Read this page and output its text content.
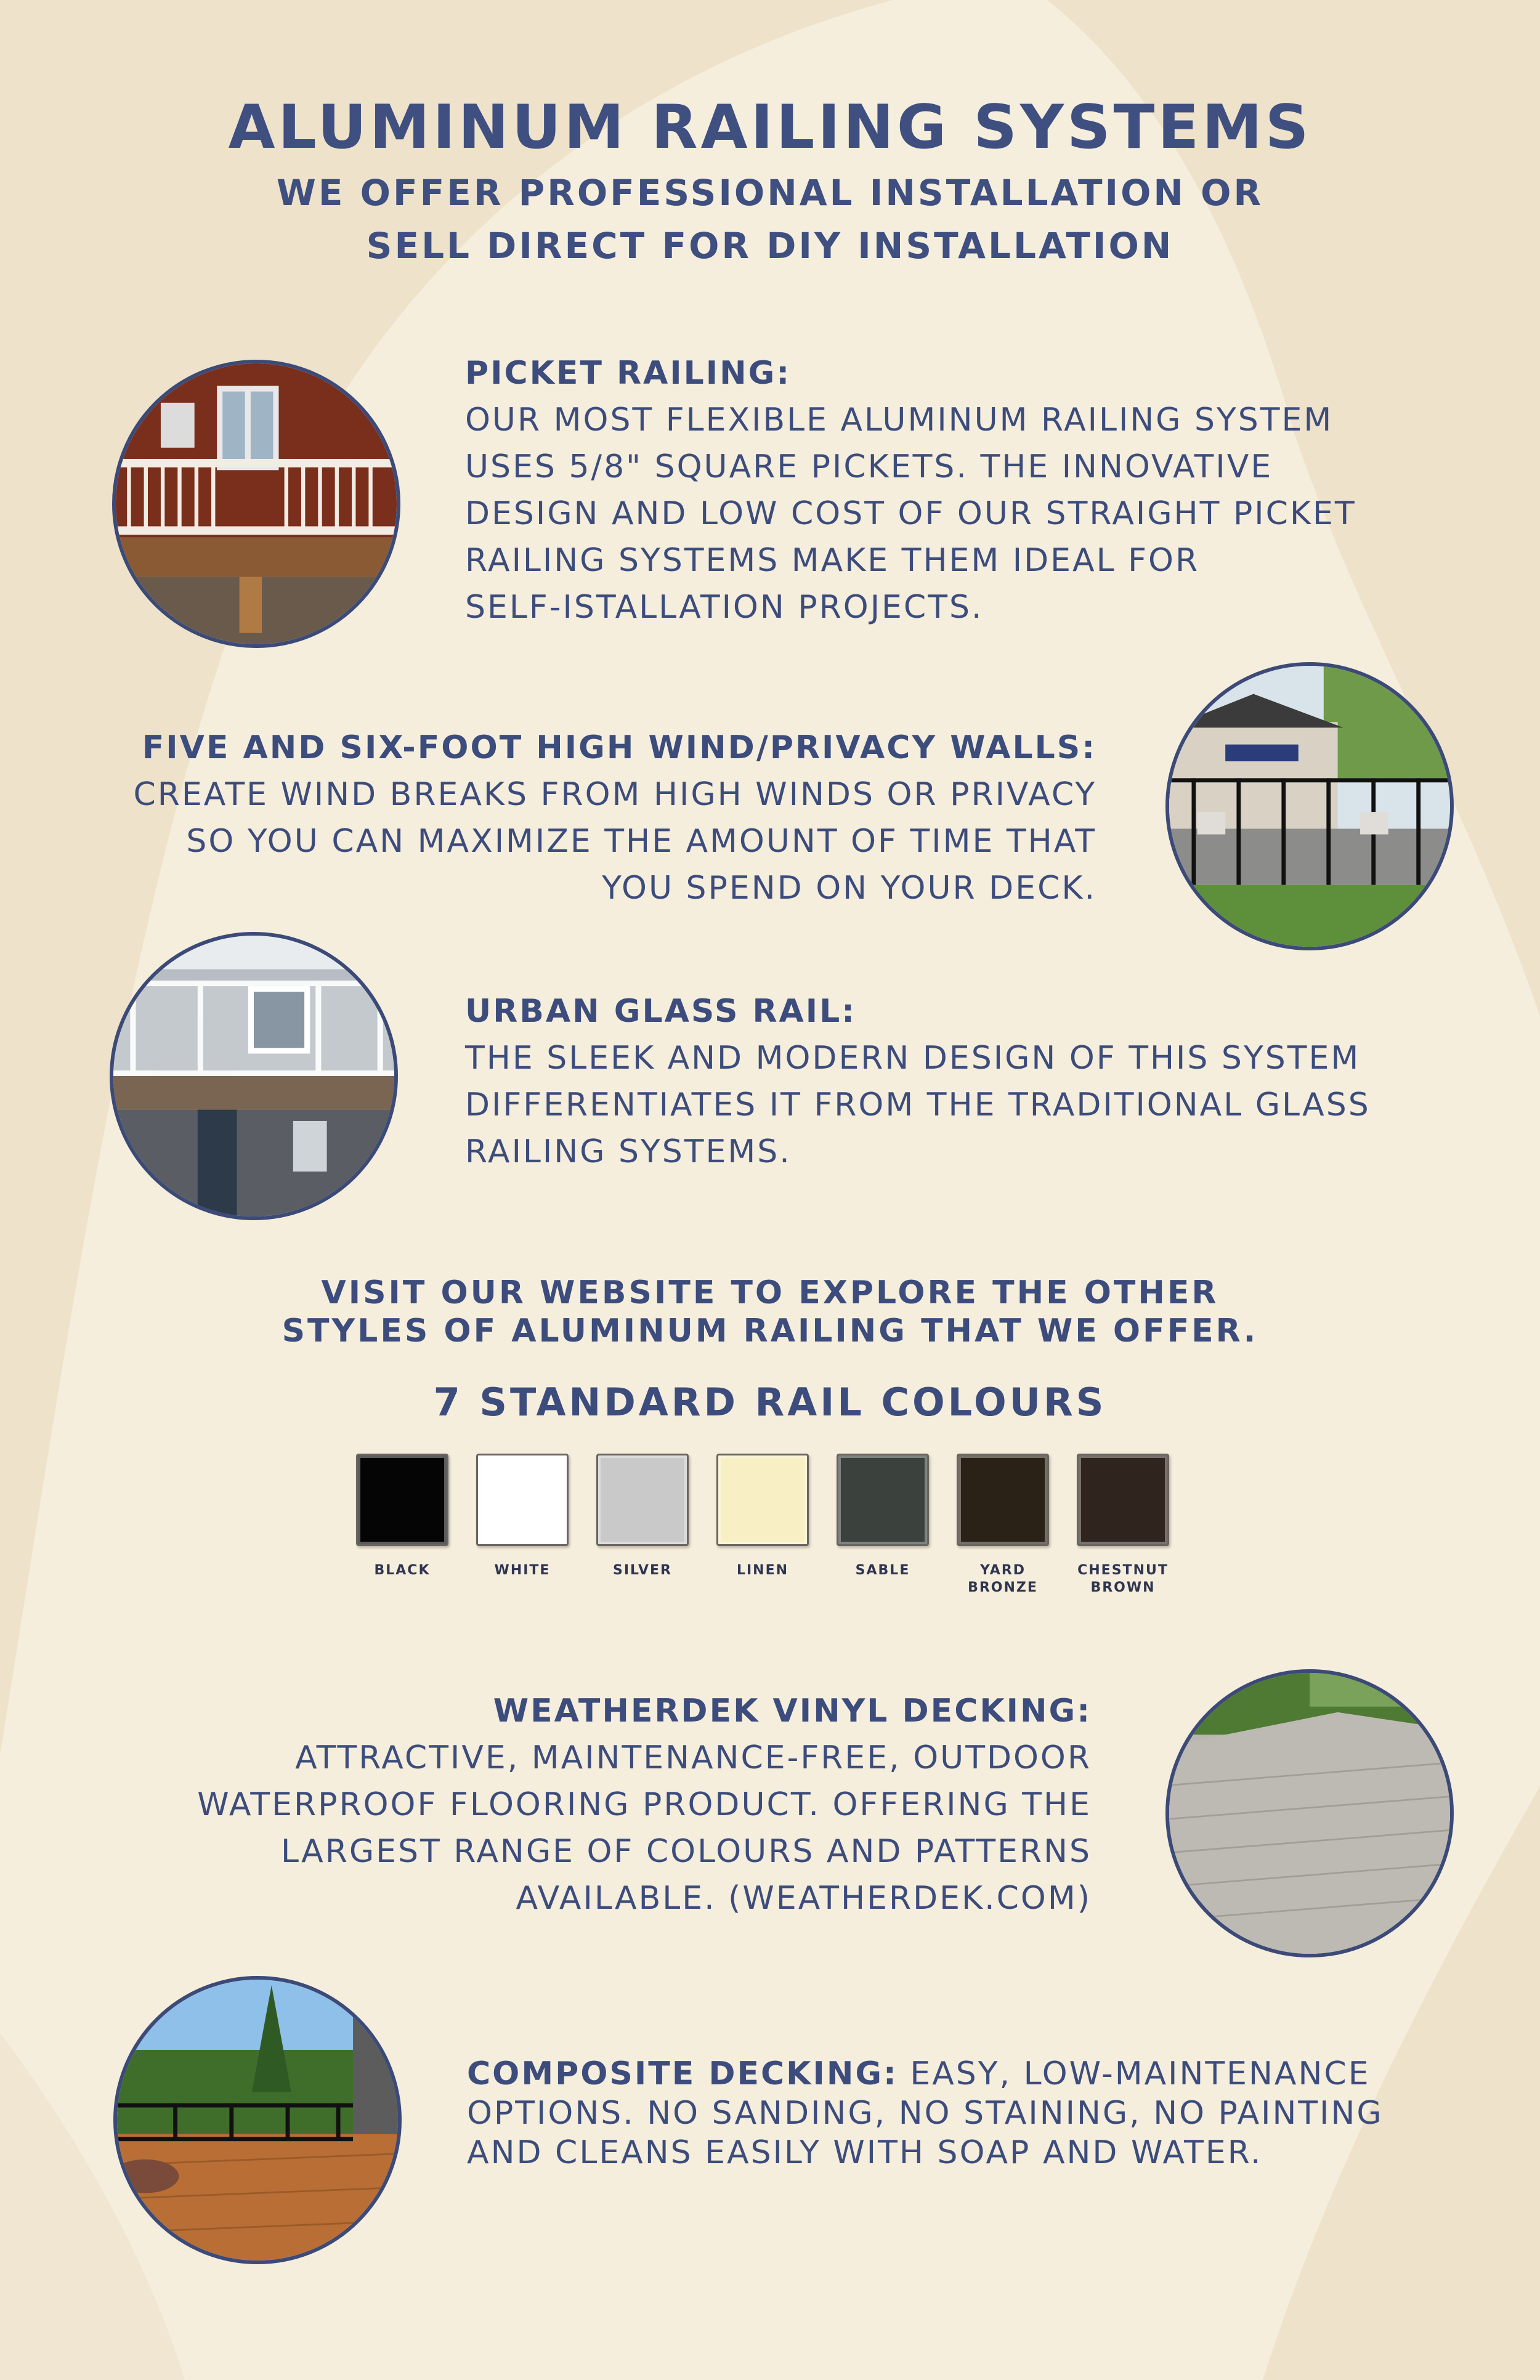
ALUMINUM RAILING SYSTEMS
WE OFFER PROFESSIONAL INSTALLATION OR
SELL DIRECT FOR DIY INSTALLATION
PICKET RAILING:
OUR MOST FLEXIBLE ALUMINUM RAILING SYSTEM
USES 5/8" SQUARE PICKETS. THE INNOVATIVE
DESIGN AND LOW COST OF OUR STRAIGHT PICKET
RAILING SYSTEMS MAKE THEM IDEAL FOR
SELF-ISTALLATION PROJECTS.
FIVE AND SIX-FOOT HIGH WIND/PRIVACY WALLS:
CREATE WIND BREAKS FROM HIGH WINDS OR PRIVACY
SO YOU CAN MAXIMIZE THE AMOUNT OF TIME THAT
YOU SPEND ON YOUR DECK.
URBAN GLASS RAIL:
THE SLEEK AND MODERN DESIGN OF THIS SYSTEM
DIFFERENTIATES IT FROM THE TRADITIONAL GLASS
RAILING SYSTEMS.
VISIT OUR WEBSITE TO EXPLORE THE OTHER
STYLES OF ALUMINUM RAILING THAT WE OFFER.
7 STANDARD RAIL COLOURS
BLACK	WHITE	SILVER	LINEN	SABLE	YARD
BRONZE
CHESTNUT
BROWN
WEATHERDEK VINYL DECKING:
ATTRACTIVE, MAINTENANCE-FREE, OUTDOOR
WATERPROOF FLOORING PRODUCT. OFFERING THE
LARGEST RANGE OF COLOURS AND PATTERNS
AVAILABLE. (WEATHERDEK.COM)
COMPOSITE DECKING: EASY, LOW-MAINTENANCE
OPTIONS. NO SANDING, NO STAINING, NO PAINTING
AND CLEANS EASILY WITH SOAP AND WATER.
